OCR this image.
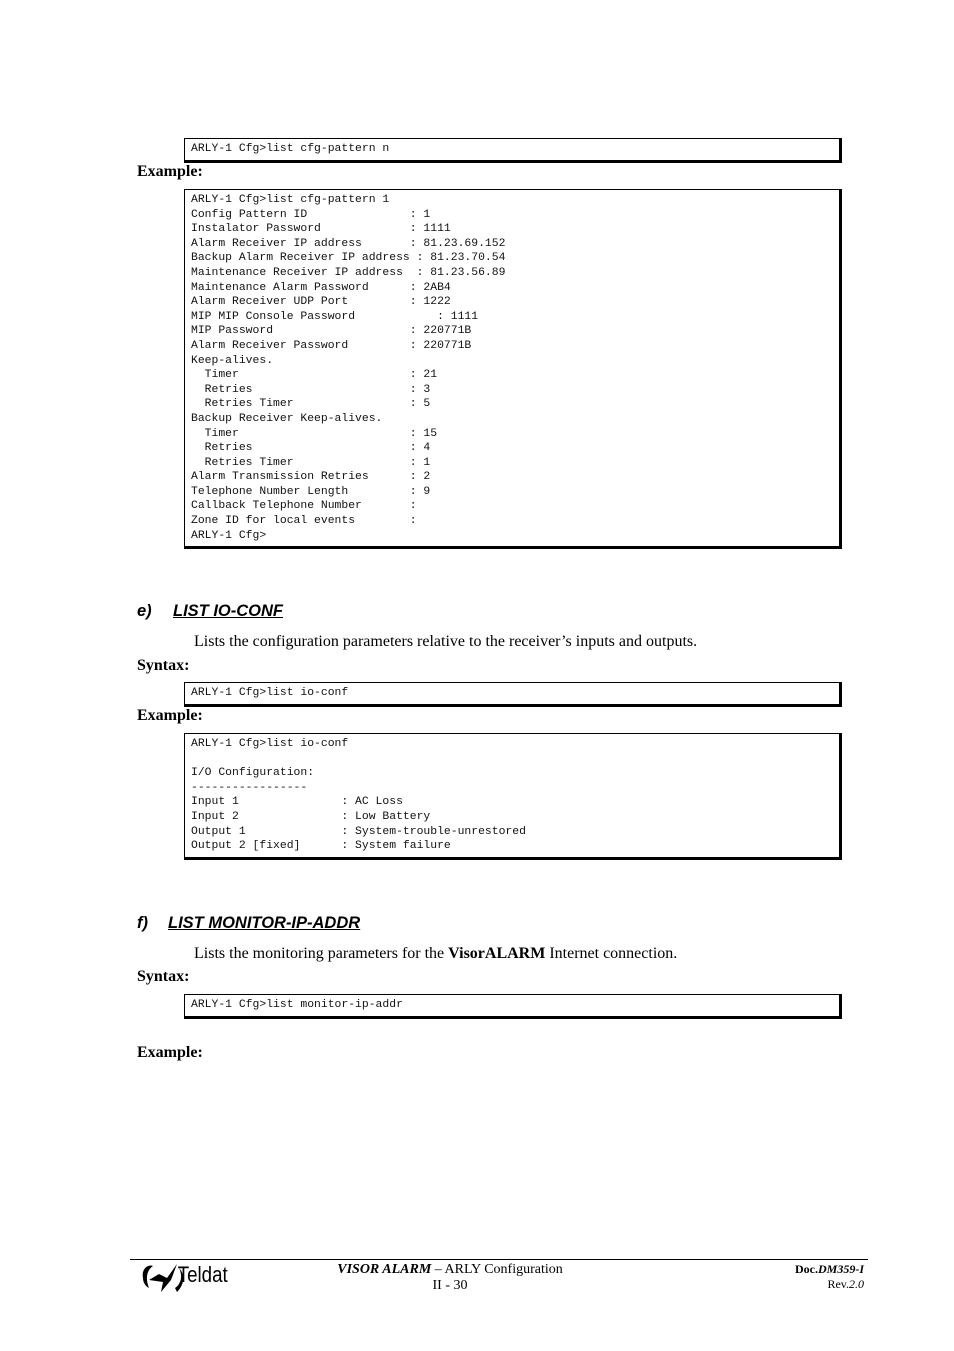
ARLY-1 Cfg>list cfg-pattern n
Example:
ARLY-1 Cfg>list cfg-pattern 1
Config Pattern ID               : 1
Instalator Password             : 1111
Alarm Receiver IP address       : 81.23.69.152
Backup Alarm Receiver IP address : 81.23.70.54
Maintenance Receiver IP address  : 81.23.56.89
Maintenance Alarm Password      : 2AB4
Alarm Receiver UDP Port         : 1222
MIP MIP Console Password            : 1111
MIP Password                    : 220771B
Alarm Receiver Password         : 220771B
Keep-alives.
Timer                         : 21
Retries                       : 3
Retries Timer                 : 5
Backup Receiver Keep-alives.
Timer                         : 15
Retries                       : 4
Retries Timer                 : 1
Alarm Transmission Retries      : 2
Telephone Number Length         : 9
Callback Telephone Number       :
Zone ID for local events        :
ARLY-1 Cfg>
e) LIST IO-CONF
Lists the configuration parameters relative to the receiver’s inputs and outputs.
Syntax:
ARLY-1 Cfg>list io-conf
Example:
ARLY-1 Cfg>list io-conf

I/O Configuration:
-----------------
Input 1               : AC Loss
Input 2               : Low Battery
Output 1              : System-trouble-unrestored
Output 2 [fixed]      : System failure
f) LIST MONITOR-IP-ADDR
Lists the monitoring parameters for the VisorALARM Internet connection.
Syntax:
ARLY-1 Cfg>list monitor-ip-addr
Example:
Teldat	VISOR ALARM – ARLY Configuration
II - 30
Doc.DM359-I
Rev.2.0
